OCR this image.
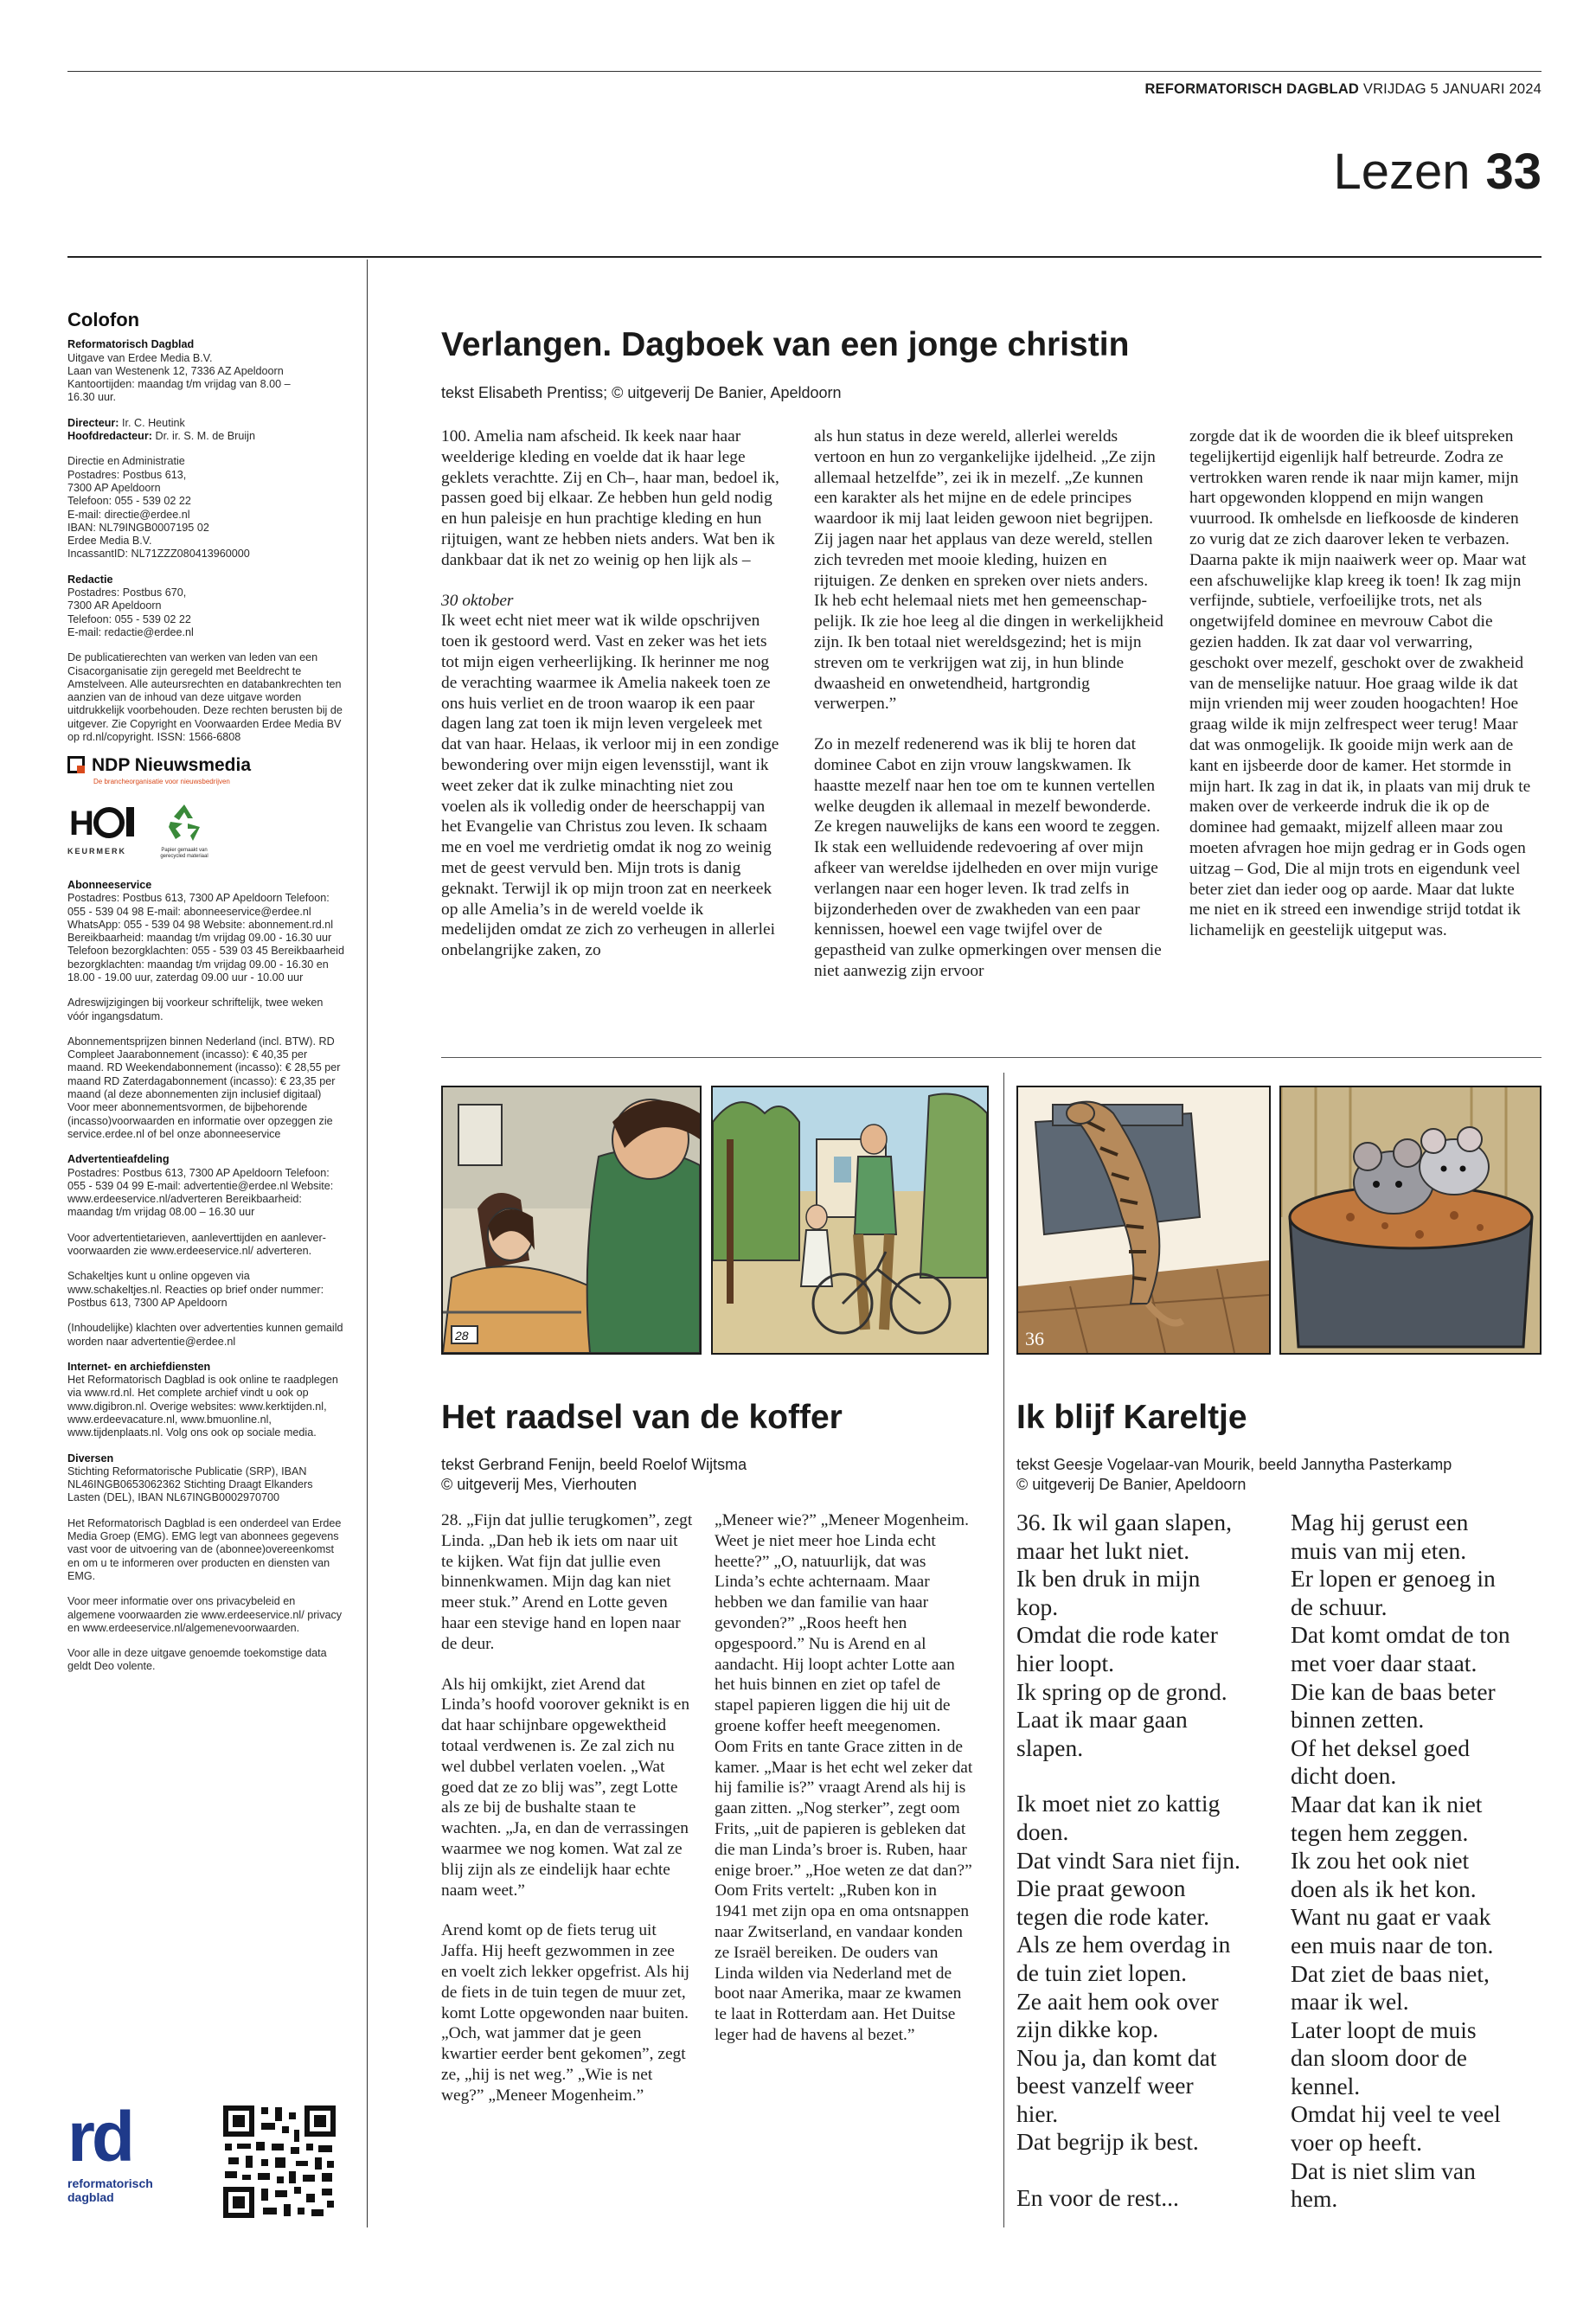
REFORMATORISCH DAGBLAD VRIJDAG 5 JANUARI 2024
Lezen 33
Colofon

Reformatorisch Dagblad

Uitgave van Erdee Media B.V.

Laan van Westenenk 12, 7336 AZ Apeldoorn

Kantoortijden: maandag t/m vrijdag van 8.00 –

16.30 uur.

Directeur: Ir. C. Heutink

Hoofdredacteur: Dr. ir. S. M. de Bruijn

Directie en Administratie

Postadres: Postbus 613,

7300 AP Apeldoorn

Telefoon: 055 - 539 02 22

E-mail: directie@erdee.nl

IBAN: NL79INGB0007195 02

Erdee Media B.V.

IncassantID: NL71ZZZ080413960000

Redactie

Postadres: Postbus 670,

7300 AR Apeldoorn

Telefoon: 055 - 539 02 22

E-mail: redactie@erdee.nl

De publicatierechten van werken van leden van een Cisacorganisatie zijn geregeld met Beeldrecht te Amstelveen. Alle auteursrechten en databankrechten ten aanzien van de inhoud van deze uitgave worden uitdrukkelijk voorbehouden. Deze rechten berusten bij de uitgever. Zie Copyright en Voorwaarden Erdee Media BV op rd.nl/copyright. ISSN: 1566-6808

NDP Nieuwsmedia

De brancheorganisatie voor nieuwsbedrijven

H
KEURMERK	Papier gemaakt van gerecycled materiaal

Abonneeservice

Postadres: Postbus 613, 7300 AP Apeldoorn Telefoon: 055 - 539 04 98 E-mail: abonneeservice@erdee.nl WhatsApp: 055 - 539 04 98 Website: abonnement.rd.nl Bereikbaarheid: maandag t/m vrijdag 09.00 - 16.30 uur Telefoon bezorgklachten: 055 - 539 03 45 Bereikbaarheid bezorgklachten: maandag t/m vrijdag 09.00 - 16.30 en 18.00 - 19.00 uur, zaterdag 09.00 uur - 10.00 uur

Adreswijzigingen bij voorkeur schriftelijk, twee weken vóór ingangsdatum.

Abonnementsprijzen binnen Nederland (incl. BTW). RD Compleet Jaarabonnement (incasso): € 40,35 per maand. RD Weekendabonnement (incasso): € 28,55 per maand RD Zaterdagabonnement (incasso): € 23,35 per maand (al deze abonnementen zijn inclusief digitaal) Voor meer abonnementsvormen, de bijbehorende (incasso)voorwaarden en informatie over opzeggen zie service.erdee.nl of bel onze abonneeservice

Advertentieafdeling

Postadres: Postbus 613, 7300 AP Apeldoorn Telefoon: 055 - 539 04 99 E-mail: advertentie@erdee.nl Website: www.erdeeservice.nl/adverteren Bereikbaarheid: maandag t/m vrijdag 08.00 – 16.30 uur

Voor advertentietarieven, aanleverttijden en aanlever-voorwaarden zie www.erdeeservice.nl/ adverteren.

Schakeltjes kunt u online opgeven via www.schakeltjes.nl. Reacties op brief onder nummer: Postbus 613, 7300 AP Apeldoorn

(Inhoudelijke) klachten over advertenties kunnen gemaild worden naar advertentie@erdee.nl

Internet- en archiefdiensten

Het Reformatorisch Dagblad is ook online te raadplegen via www.rd.nl. Het complete archief vindt u ook op www.digibron.nl. Overige websites: www.kerktijden.nl, www.erdeevacature.nl, www.bmuonline.nl, www.tijdenplaats.nl. Volg ons ook op sociale media.

Diversen

Stichting Reformatorische Publicatie (SRP), IBAN NL46INGB0653062362 Stichting Draagt Elkanders Lasten (DEL), IBAN NL67INGB0002970700

Het Reformatorisch Dagblad is een onderdeel van Erdee Media Groep (EMG). EMG legt van abonnees gegevens vast voor de uitvoering van de (abonnee)overeenkomst en om u te informeren over producten en diensten van EMG.

Voor meer informatie over ons privacybeleid en algemene voorwaarden zie www.erdeeservice.nl/ privacy en www.erdeeservice.nl/algemenevoorwaarden.

Voor alle in deze uitgave genoemde toekomstige data geldt Deo volente.

rd
reformatorisch
dagblad
Verlangen. Dagboek van een jonge christin
tekst Elisabeth Prentiss; © uitgeverij De Banier, Apeldoorn

100. Amelia nam afscheid. Ik keek naar haar weelderige kleding en voelde dat ik haar lege geklets verachtte. Zij en Ch–, haar man, bedoel ik, passen goed bij elkaar. Ze hebben hun geld nodig en hun paleisje en hun prachtige kleding en hun rijtuigen, want ze hebben niets anders. Wat ben ik dankbaar dat ik net zo weinig op hen lijk als –

30 oktober

Ik weet echt niet meer wat ik wilde opschrijven toen ik gestoord werd. Vast en zeker was het iets tot mijn eigen verheerlijking. Ik herinner me nog de verachting waarmee ik Amelia nakeek toen ze ons huis verliet en de troon waarop ik een paar dagen lang zat toen ik mijn leven vergeleek met dat van haar. Helaas, ik verloor mij in een zondige bewondering over mijn eigen levensstijl, want ik weet zeker dat ik zulke minachting niet zou voelen als ik volledig onder de heerschappij van het Evangelie van Christus zou leven. Ik schaam me en voel me verdrietig omdat ik nog zo weinig met de geest vervuld ben. Mijn trots is danig geknakt. Terwijl ik op mijn troon zat en neerkeek op alle Amelia’s in de wereld voelde ik medelijden omdat ze zich zo verheugen in allerlei onbelangrijke zaken, zo

als hun status in deze wereld, allerlei werelds vertoon en hun zo vergankelijke ijdelheid. „Ze zijn allemaal hetzelfde”, zei ik in mezelf. „Ze kunnen een karakter als het mijne en de edele principes waardoor ik mij laat leiden gewoon niet begrijpen. Zij jagen naar het applaus van deze wereld, stellen zich tevreden met mooie kleding, huizen en rijtuigen. Ze denken en spreken over niets anders. Ik heb echt helemaal niets met hen gemeenschappelijk. Ik zie hoe leeg al die dingen in werkelijkheid zijn. Ik ben totaal niet wereldsgezind; het is mijn streven om te verkrijgen wat zij, in hun blinde dwaasheid en onwetendheid, hartgrondig verwerpen.”

Zo in mezelf redenerend was ik blij te horen dat dominee Cabot en zijn vrouw langskwamen. Ik haastte mezelf naar hen toe om te kunnen vertellen welke deugden ik allemaal in mezelf bewonderde. Ze kregen nauwelijks de kans een woord te zeggen. Ik stak een welluidende redevoering af over mijn afkeer van wereldse ijdelheden en over mijn vurige verlangen naar een hoger leven. Ik trad zelfs in bijzonderheden over de zwakheden van een paar kennissen, hoewel een vage twijfel over de gepastheid van zulke opmerkingen over mensen die niet aanwezig zijn ervoor

zorgde dat ik de woorden die ik bleef uitspreken tegelijkertijd eigenlijk half betreurde. Zodra ze vertrokken waren rende ik naar mijn kamer, mijn hart opgewonden kloppend en mijn wangen vuurrood. Ik omhelsde en liefkoosde de kinderen zo vurig dat ze zich daarover leken te verbazen. Daarna pakte ik mijn naaiwerk weer op. Maar wat een afschuwelijke klap kreeg ik toen! Ik zag mijn verfijnde, subtiele, verfoeilijke trots, net als ongetwijfeld dominee en mevrouw Cabot die gezien hadden. Ik zat daar vol verwarring, geschokt over mezelf, geschokt over de zwakheid van de menselijke natuur. Hoe graag wilde ik dat mijn vrienden mij weer zouden hoogachten! Hoe graag wilde ik mijn zelfrespect weer terug! Maar dat was onmogelijk. Ik gooide mijn werk aan de kant en ijsbeerde door de kamer. Het stormde in mijn hart. Ik zag in dat ik, in plaats van mij druk te maken over de verkeerde indruk die ik op de dominee had gemaakt, mijzelf alleen maar zou moeten afvragen hoe mijn gedrag er in Gods ogen uitzag – God, Die al mijn trots en eigendunk veel beter ziet dan ieder oog op aarde. Maar dat lukte me niet en ik streed een inwendige strijd totdat ik lichamelijk en geestelijk uitgeput was.

28
Het raadsel van de koffer
tekst Gerbrand Fenijn, beeld Roelof Wijtsma
© uitgeverij Mes, Vierhouten

28. „Fijn dat jullie terugkomen”, zegt Linda. „Dan heb ik iets om naar uit te kijken. Wat fijn dat jullie even binnenkwamen. Mijn dag kan niet meer stuk.” Arend en Lotte geven haar een stevige hand en lopen naar de deur.

Als hij omkijkt, ziet Arend dat Linda’s hoofd voorover geknikt is en dat haar schijnbare opgewektheid totaal verdwenen is. Ze zal zich nu wel dubbel verlaten voelen. „Wat goed dat ze zo blij was”, zegt Lotte als ze bij de bushalte staan te wachten. „Ja, en dan de verrassingen waarmee we nog komen. Wat zal ze blij zijn als ze eindelijk haar echte naam weet.”

Arend komt op de fiets terug uit Jaffa. Hij heeft gezwommen in zee en voelt zich lekker opgefrist. Als hij de fiets in de tuin tegen de muur zet, komt Lotte opgewonden naar buiten. „Och, wat jammer dat je geen kwartier eerder bent gekomen”, zegt ze, „hij is net weg.” „Wie is net weg?” „Meneer Mogenheim.”

„Meneer wie?” „Meneer Mogenheim. Weet je niet meer hoe Linda echt heette?” „O, natuurlijk, dat was Linda’s echte achternaam. Maar hebben we dan familie van haar gevonden?” „Roos heeft hen opgespoord.” Nu is Arend en al aandacht. Hij loopt achter Lotte aan het huis binnen en ziet op tafel de stapel papieren liggen die hij uit de groene koffer heeft meegenomen. Oom Frits en tante Grace zitten in de kamer. „Maar is het echt wel zeker dat hij familie is?” vraagt Arend als hij is gaan zitten. „Nog sterker”, zegt oom Frits, „uit de papieren is gebleken dat die man Linda’s broer is. Ruben, haar enige broer.” „Hoe weten ze dat dan?” Oom Frits vertelt: „Ruben kon in 1941 met zijn opa en oma ontsnappen naar Zwitserland, en vandaar konden ze Israël bereiken. De ouders van Linda wilden via Nederland met de boot naar Amerika, maar ze kwamen te laat in Rotterdam aan. Het Duitse leger had de havens al bezet.”

36
Ik blijf Kareltje
tekst Geesje Vogelaar-van Mourik, beeld Jannytha Pasterkamp
© uitgeverij De Banier, Apeldoorn

36. Ik wil gaan slapen,

maar het lukt niet.

Ik ben druk in mijn

kop.

Omdat die rode kater

hier loopt.

Ik spring op de grond.

Laat ik maar gaan

slapen.

Ik moet niet zo kattig

doen.

Dat vindt Sara niet fijn.

Die praat gewoon

tegen die rode kater.

Als ze hem overdag in

de tuin ziet lopen.

Ze aait hem ook over

zijn dikke kop.

Nou ja, dan komt dat

beest vanzelf weer

hier.

Dat begrijp ik best.

En voor de rest...

Mag hij gerust een

muis van mij eten.

Er lopen er genoeg in

de schuur.

Dat komt omdat de ton

met voer daar staat.

Die kan de baas beter

binnen zetten.

Of het deksel goed

dicht doen.

Maar dat kan ik niet

tegen hem zeggen.

Ik zou het ook niet

doen als ik het kon.

Want nu gaat er vaak

een muis naar de ton.

Dat ziet de baas niet,

maar ik wel.

Later loopt de muis

dan sloom door de

kennel.

Omdat hij veel te veel

voer op heeft.

Dat is niet slim van

hem.
